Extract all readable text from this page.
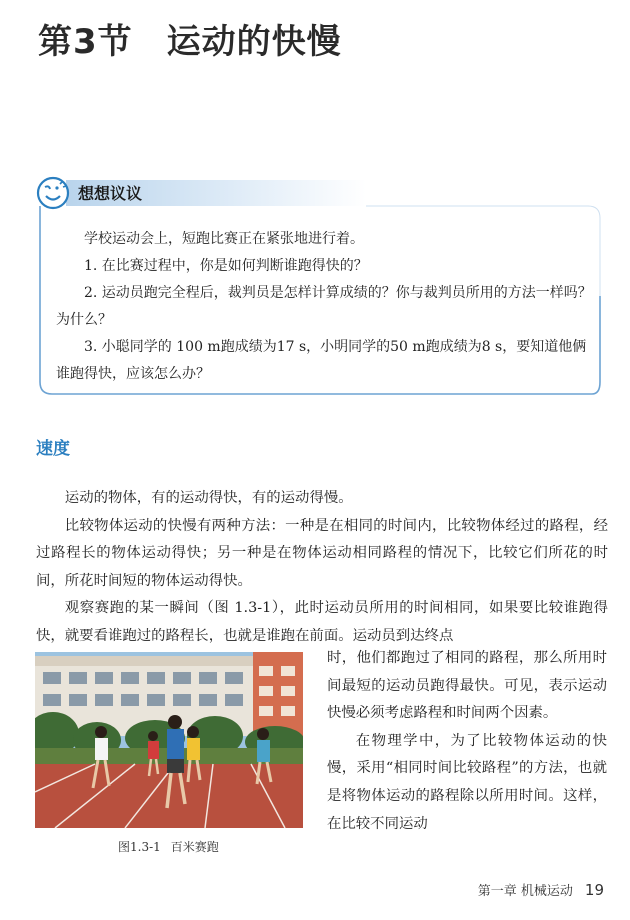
第3节 运动的快慢
想想议议

学校运动会上，短跑比赛正在紧张地进行着。

1. 在比赛过程中，你是如何判断谁跑得快的？

2. 运动员跑完全程后，裁判员是怎样计算成绩的？你与裁判员所用的方法一样吗？为什么？

3. 小聪同学的 100 m跑成绩为17 s，小明同学的50 m跑成绩为8 s，要知道他俩谁跑得快，应该怎么办？

速度

运动的物体，有的运动得快，有的运动得慢。

比较物体运动的快慢有两种方法：一种是在相同的时间内，比较物体经过的路程，经过路程长的物体运动得快；另一种是在物体运动相同路程的情况下，比较它们所花的时间，所花时间短的物体运动得快。

观察赛跑的某一瞬间（图 1.3-1），此时运动员所用的时间相同，如果要比较谁跑得快，就要看谁跑过的路程长，也就是谁跑在前面。运动员到达终点

时，他们都跑过了相同的路程，那么所用时间最短的运动员跑得最快。可见，表示运动快慢必须考虑路程和时间两个因素。

在物理学中，为了比较物体运动的快慢，采用“相同时间比较路程”的方法，也就是将物体运动的路程除以所用时间。这样，在比较不同运动

图1.3-1 百米赛跑
第一章 机械运动 19
